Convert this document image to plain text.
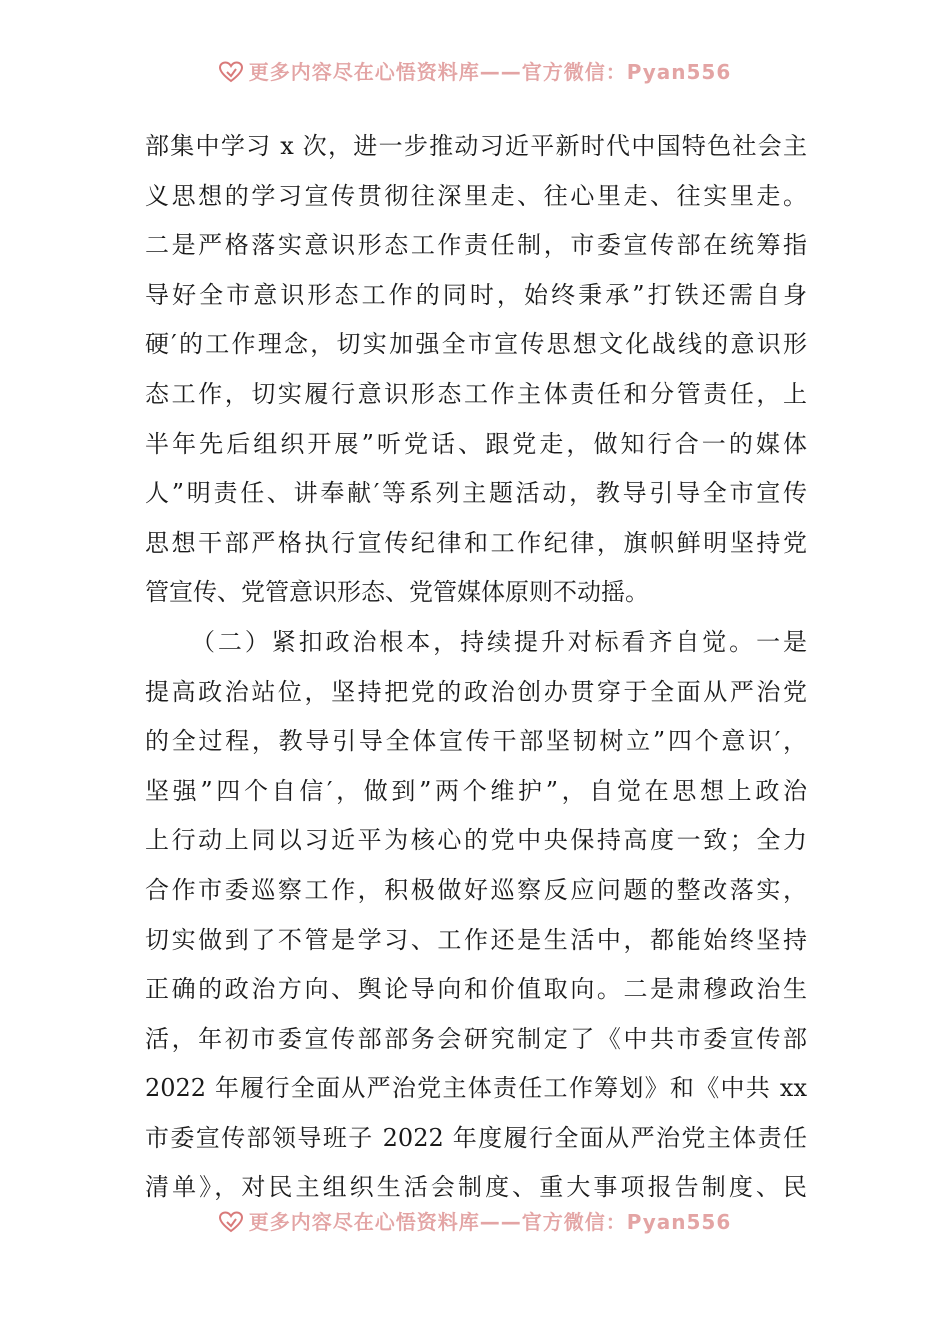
更多内容尽在心悟资料库——官方微信：Pyan556
部集中学习 x 次，进一步推动习近平新时代中国特色社会主
义思想的学习宣传贯彻往深里走、往心里走、往实里走。
二是严格落实意识形态工作责任制，市委宣传部在统筹指
导好全市意识形态工作的同时，始终秉承”打铁还需自身
硬′的工作理念，切实加强全市宣传思想文化战线的意识形
态工作，切实履行意识形态工作主体责任和分管责任，上
半年先后组织开展”听党话、跟党走，做知行合一的媒体
人”明责任、讲奉献′等系列主题活动，教导引导全市宣传
思想干部严格执行宣传纪律和工作纪律，旗帜鲜明坚持党
管宣传、党管意识形态、党管媒体原则不动摇。
（二）紧扣政治根本，持续提升对标看齐自觉。一是
提高政治站位，坚持把党的政治创办贯穿于全面从严治党
的全过程，教导引导全体宣传干部坚韧树立”四个意识′，
坚强”四个自信′，做到”两个维护”，自觉在思想上政治
上行动上同以习近平为核心的党中央保持高度一致；全力
合作市委巡察工作，积极做好巡察反应问题的整改落实，
切实做到了不管是学习、工作还是生活中，都能始终坚持
正确的政治方向、舆论导向和价值取向。二是肃穆政治生
活，年初市委宣传部部务会研究制定了《中共市委宣传部
2022 年履行全面从严治党主体责任工作筹划》和《中共 xx
市委宣传部领导班子 2022 年度履行全面从严治党主体责任
清单》，对民主组织生活会制度、重大事项报告制度、民
更多内容尽在心悟资料库——官方微信：Pyan556
